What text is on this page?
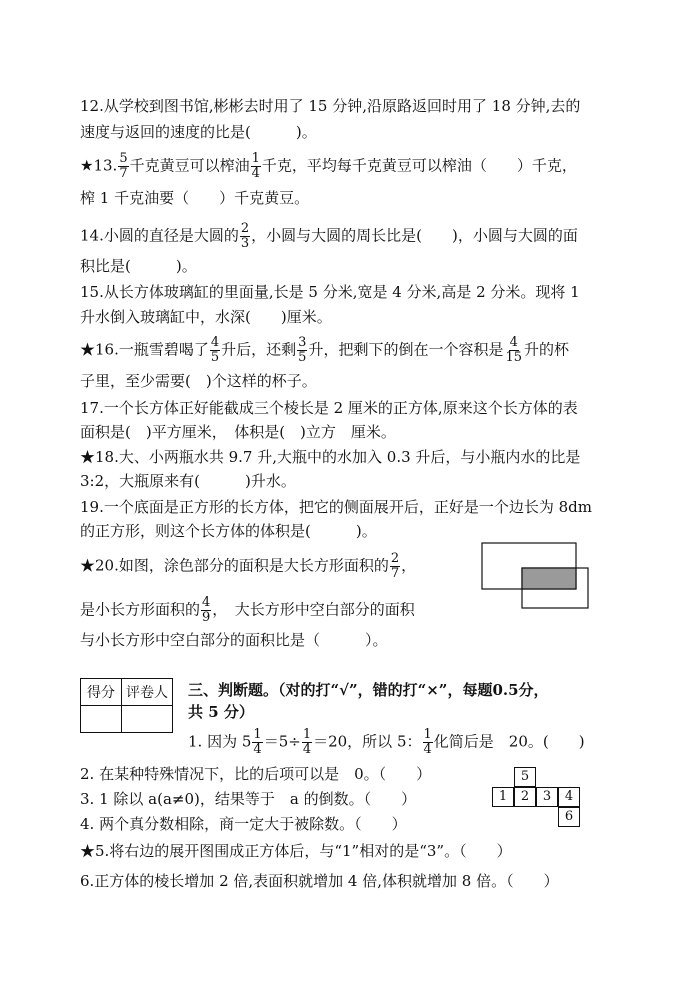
12.从学校到图书馆,彬彬去时用了 15 分钟,沿原路返回时用了 18 分钟,去的
速度与返回的速度的比是(　　　)。
★13. $\frac{5}{7}$ 千克黄豆可以榨油 $\frac{1}{4}$ 千克，平均每千克黄豆可以榨油（　　）千克，
榨 1 千克油要（　　）千克黄豆。
14.小圆的直径是大圆的 $\frac{2}{3}$ ，小圆与大圆的周长比是(　　)，小圆与大圆的面
积比是(　　　)。
15.从长方体玻璃缸的里面量,长是 5 分米,宽是 4 分米,高是 2 分米。现将 1
升水倒入玻璃缸中，水深(　　)厘米。
★16.一瓶雪碧喝了 $\frac{4}{5}$ 升后，还剩 $\frac{3}{5}$ 升，把剩下的倒在一个容积是 $\frac{4}{15}$ 升的杯
子里，至少需要(　)个这样的杯子。
17.一个长方体正好能截成三个棱长是 2 厘米的正方体,原来这个长方体的表
面积是(　)平方厘米，　体积是(　)立方　厘米。
★18.大、小两瓶水共 9.7 升,大瓶中的水加入 0.3 升后，与小瓶内水的比是
3:2，大瓶原来有(　　　)升水。
19.一个底面是正方形的长方体，把它的侧面展开后，正好是一个边长为 8dm
的正方形，则这个长方体的体积是(　　　)。
★20.如图，涂色部分的面积是大长方形面积的 $\frac{2}{7}$ ，
是小长方形面积的 $\frac{4}{9}$ ，　大长方形中空白部分的面积
与小长方形中空白部分的面积比是（　　　）。
得分	评卷人
	三、判断题。（对的打“√”，错的打“×”，每题0.5分，
共 5 分）
1. 因为 $5 \frac{1}{4} =5\div \frac{1}{4} =20$，所以 5： $\frac{1}{4}$ 化简后是　20。(　　)
2. 在某种特殊情况下，比的后项可以是　0。（　　）
3. 1 除以 a(a≠0)，结果等于　a 的倒数。（　　）
4. 两个真分数相除，商一定大于被除数。（　　）
★5.将右边的展开图围成正方体后，与“1”相对的是“3”。（　　）
6.正方体的棱长增加 2 倍,表面积就增加 4 倍,体积就增加 8 倍。（　　）
5
1	2	3	4
6
